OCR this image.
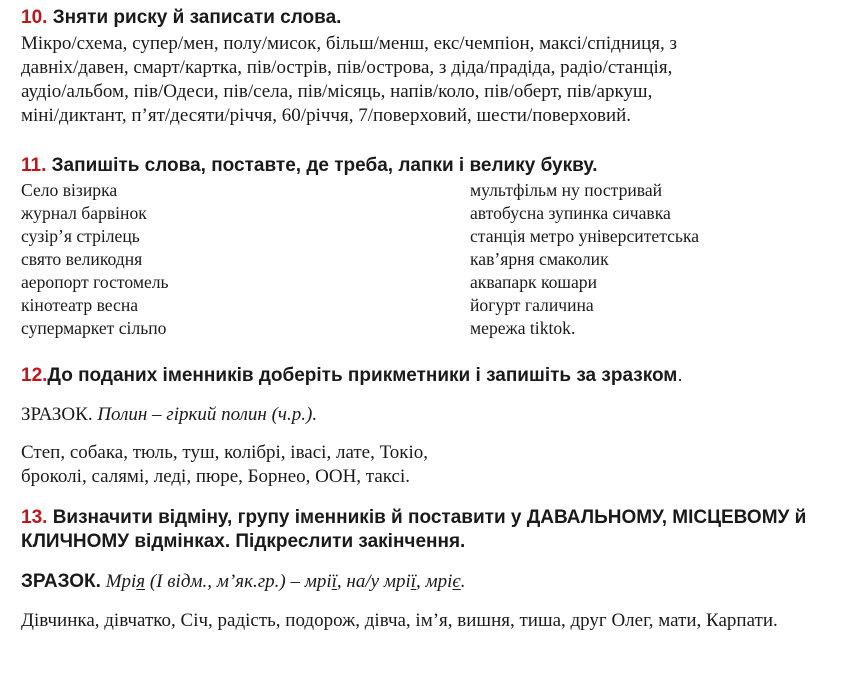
10. Зняти риску й записати слова.
Мікро/схема, супер/мен, полу/мисок, більш/менш, екс/чемпіон, максі/спідниця, з
давніх/давен, смарт/картка, пів/острів, пів/острова, з діда/прадіда, радіо/станція,
аудіо/альбом, пів/Одеси, пів/села, пів/місяць, напів/коло, пів/оберт, пів/аркуш,
міні/диктант, п’ят/десяти/річчя, 60/річчя, 7/поверховий, шести/поверховий.
11. Запишіть слова, поставте, де треба, лапки і велику букву.
Село візирка
журнал барвінок
сузір’я стрілець
свято великодня
аеропорт гостомель
кінотеатр весна
супермаркет сільпо
мультфільм ну постривай
автобусна зупинка сичавка
станція метро університетська
кав’ярня смаколик
аквапарк кошари
йогурт галичина
мережа tiktok.
12.До поданих іменників доберіть прикметники і запишіть за зразком.
ЗРАЗОК. Полин – гіркий полин (ч.р.).
Степ, собака, тюль, туш, колібрі, івасі, лате, Токіо,
броколі, салямі, леді, пюре, Борнео, ООН, таксі.
13. Визначити відміну, групу іменників й поставити у ДАВАЛЬНОМУ, МІСЦЕВОМУ й
КЛИЧНОМУ відмінках. Підкреслити закінчення.
ЗРАЗОК. Мрія (І відм., м’як.гр.) – мрії, на/у мрії, мріє.
Дівчинка, дівчатко, Січ, радість, подорож, дівча, ім’я, вишня, тиша, друг Олег, мати, Карпати.
